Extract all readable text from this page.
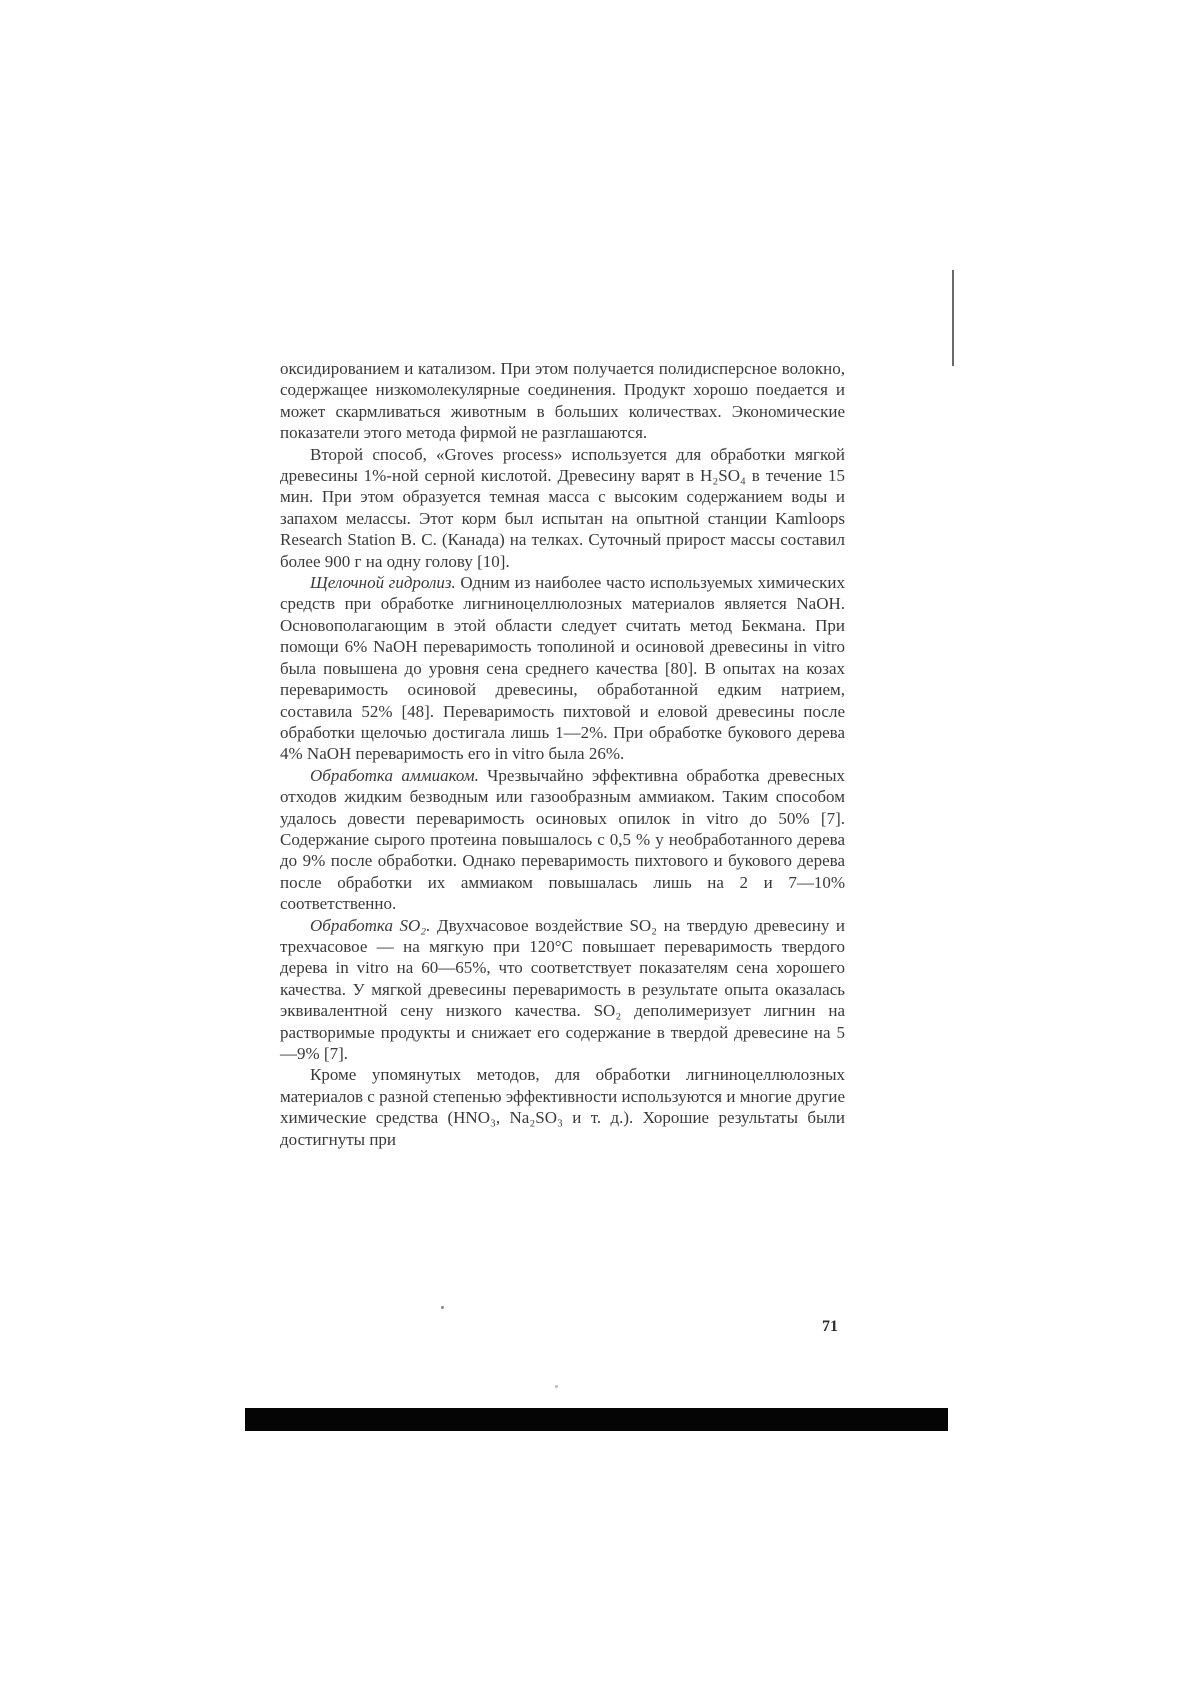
оксидированием и катализом. При этом получается полидисперсное волокно, содержащее низкомолекулярные соединения. Продукт хорошо поедается и может скармливаться животным в больших количествах. Экономические показатели этого метода фирмой не разглашаются.

Второй способ, «Groves process» используется для обработки мягкой древесины 1%-ной серной кислотой. Древесину варят в H₂SO₄ в течение 15 мин. При этом образуется темная масса с высоким содержанием воды и запахом мелассы. Этот корм был испытан на опытной станции Kamloops Research Station B. C. (Канада) на телках. Суточный прирост массы составил более 900 г на одну голову [10].

Щелочной гидролиз. Одним из наиболее часто используемых химических средств при обработке лигниноцеллюлозных материалов является NaOH. Основополагающим в этой области следует считать метод Бекмана. При помощи 6% NaOH переваримость тополиной и осиновой древесины in vitro была повышена до уровня сена среднего качества [80]. В опытах на козах переваримость осиновой древесины, обработанной едким натрием, составила 52% [48]. Переваримость пихтовой и еловой древесины после обработки щелочью достигала лишь 1—2%. При обработке букового дерева 4% NaOH переваримость его in vitro была 26%.

Обработка аммиаком. Чрезвычайно эффективна обработка древесных отходов жидким безводным или газообразным аммиаком. Таким способом удалось довести переваримость осиновых опилок in vitro до 50% [7]. Содержание сырого протеина повышалось с 0,5 % у необработанного дерева до 9% после обработки. Однако переваримость пихтового и букового дерева после обработки их аммиаком повышалась лишь на 2 и 7—10% соответственно.

Обработка SO₂. Двухчасовое воздействие SO₂ на твердую древесину и трехчасовое — на мягкую при 120°C повышает переваримость твердого дерева in vitro на 60—65%, что соответствует показателям сена хорошего качества. У мягкой древесины переваримость в результате опыта оказалась эквивалентной сену низкого качества. SO₂ деполимеризует лигнин на растворимые продукты и снижает его содержание в твердой древесине на 5—9% [7].

Кроме упомянутых методов, для обработки лигниноцеллюлозных материалов с разной степенью эффективности используются и многие другие химические средства (HNO₃, Na₂SO₃ и т. д.). Хорошие результаты были достигнуты при

71
